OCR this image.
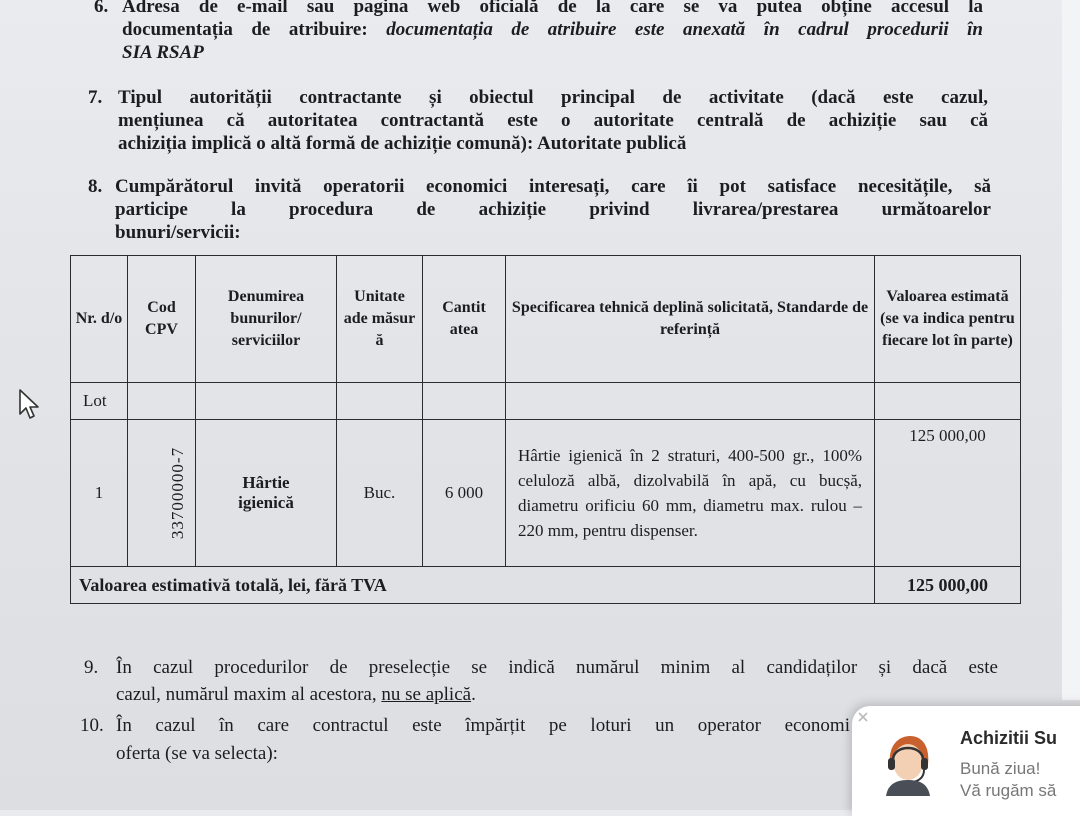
6. Adresa de e-mail sau pagina web oficială de la care se va putea obține accesul la
documentația de atribuire: documentația de atribuire este anexată în cadrul procedurii în
SIA RSAP
7. Tipul autorității contractante și obiectul principal de activitate (dacă este cazul,
mențiunea că autoritatea contractantă este o autoritate centrală de achiziție sau că
achiziția implică o altă formă de achiziție comună): Autoritate publică
8. Cumpărătorul invită operatorii economici interesați, care îi pot satisface necesitățile, să
participe la procedura de achiziție privind livrarea/prestarea următoarelor
bunuri/servicii:
Nr. d/o	Cod CPV	Denumirea bunurilor/ serviciilor	Unitate ade măsur ă	Cantit atea	Specificarea tehnică deplină solicitată, Standarde de referință	Valoarea estimată (se va indica pentru fiecare lot în parte)
Lot						
1	33700000-7	Hârtie igienică	Buc.	6 000	Hârtie igienică în 2 straturi, 400-500 gr., 100% celuloză albă, dizolvabilă în apă, cu bucșă, diametru orificiu 60 mm, diametru max. rulou – 220 mm, pentru dispenser.	125 000,00
Valoarea estimativă totală, lei, fără TVA						125 000,00
9. În cazul procedurilor de preselecție se indică numărul minim al candidaților și dacă este
cazul, numărul maxim al acestora, nu se aplică.
10. În cazul în care contractul este împărțit pe loturi un operator economi
oferta (se va selecta):
Achizitii Su
Bună ziua!
Vă rugăm să
